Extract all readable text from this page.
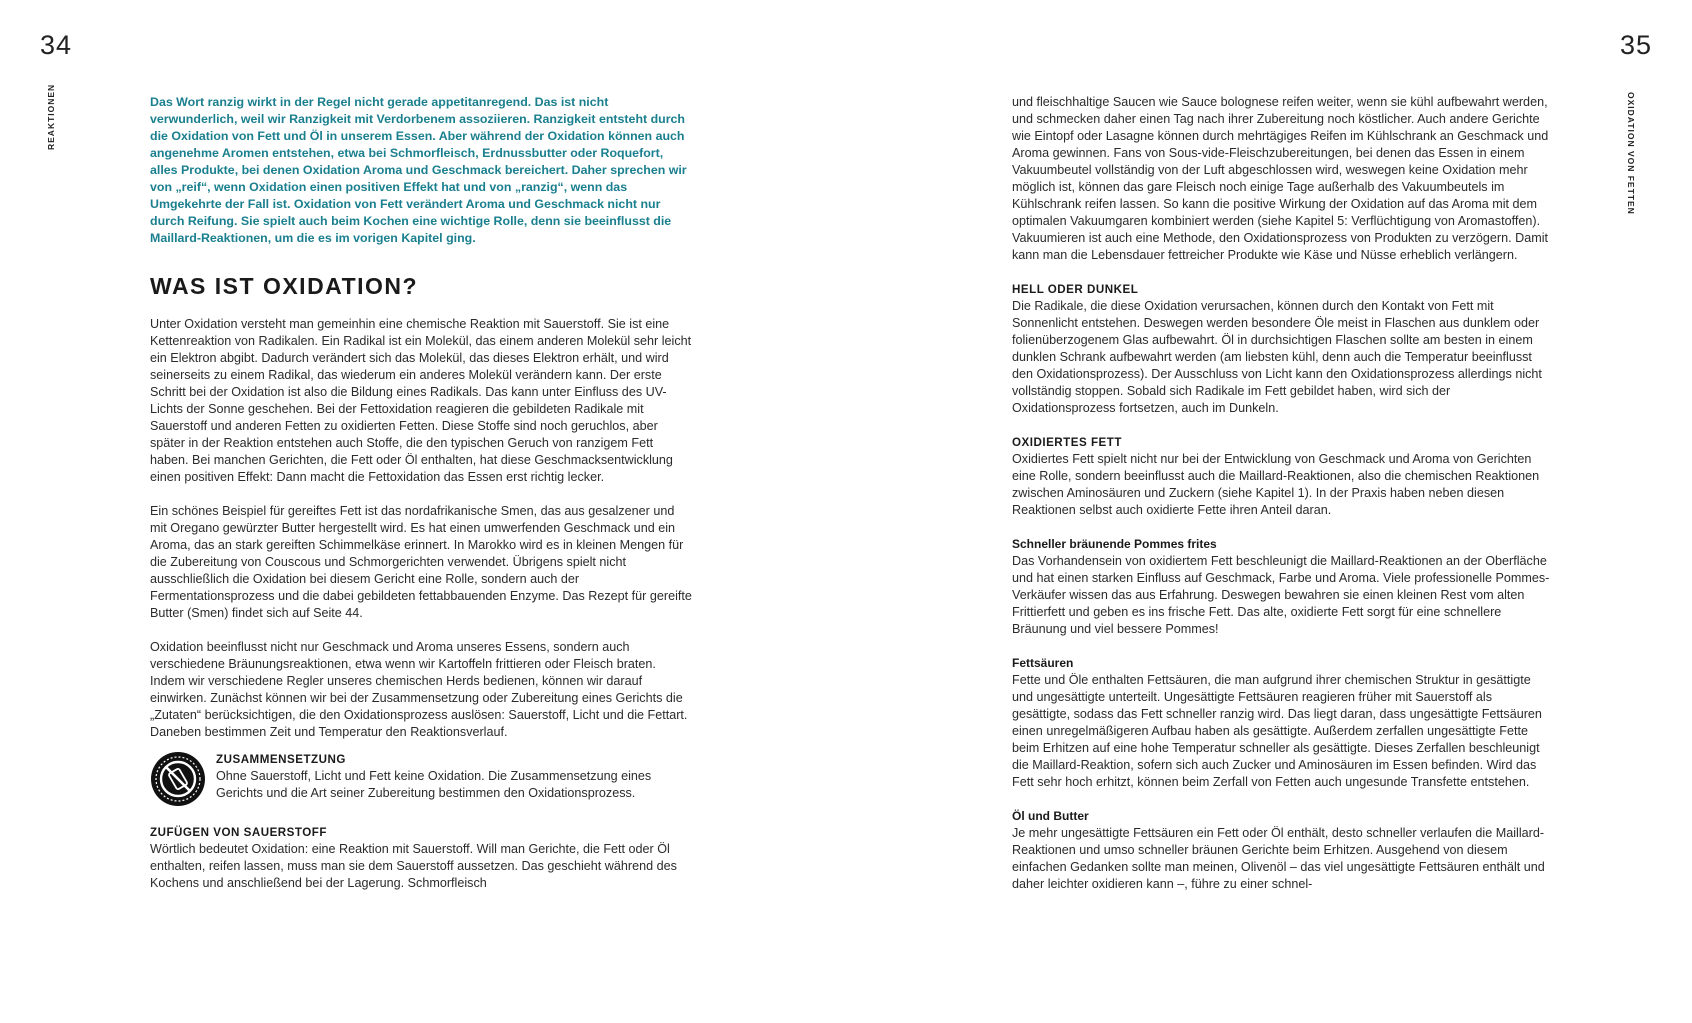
34	35
REAKTIONEN	OXIDATION VON FETTEN

Das Wort ranzig wirkt in der Regel nicht gerade appetitanregend. Das ist nicht verwunderlich, weil wir Ranzigkeit mit Verdorbenem assoziieren. Ranzigkeit entsteht durch die Oxidation von Fett und Öl in unserem Essen. Aber während der Oxidation können auch angenehme Aromen entstehen, etwa bei Schmorfleisch, Erdnussbutter oder Roquefort, alles Produkte, bei denen Oxidation Aroma und Geschmack bereichert. Daher sprechen wir von „reif“, wenn Oxidation einen positiven Effekt hat und von „ranzig“, wenn das Umgekehrte der Fall ist. Oxidation von Fett verändert Aroma und Geschmack nicht nur durch Reifung. Sie spielt auch beim Kochen eine wichtige Rolle, denn sie beeinflusst die Maillard-Reaktionen, um die es im vorigen Kapitel ging.

WAS IST OXIDATION?

Unter Oxidation versteht man gemeinhin eine chemische Reaktion mit Sauerstoff. Sie ist eine Kettenreaktion von Radikalen. Ein Radikal ist ein Molekül, das einem anderen Molekül sehr leicht ein Elektron abgibt. Dadurch verändert sich das Molekül, das dieses Elektron erhält, und wird seinerseits zu einem Radikal, das wiederum ein anderes Molekül verändern kann. Der erste Schritt bei der Oxidation ist also die Bildung eines Radikals. Das kann unter Einfluss des UV-Lichts der Sonne geschehen. Bei der Fettoxidation reagieren die gebildeten Radikale mit Sauerstoff und anderen Fetten zu oxidierten Fetten. Diese Stoffe sind noch geruchlos, aber später in der Reaktion entstehen auch Stoffe, die den typischen Geruch von ranzigem Fett haben. Bei manchen Gerichten, die Fett oder Öl enthalten, hat diese Geschmacksentwicklung einen positiven Effekt: Dann macht die Fettoxidation das Essen erst richtig lecker.

Ein schönes Beispiel für gereiftes Fett ist das nordafrikanische Smen, das aus gesalzener und mit Oregano gewürzter Butter hergestellt wird. Es hat einen umwerfenden Geschmack und ein Aroma, das an stark gereiften Schimmelkäse erinnert. In Marokko wird es in kleinen Mengen für die Zubereitung von Couscous und Schmorgerichten verwendet. Übrigens spielt nicht ausschließlich die Oxidation bei diesem Gericht eine Rolle, sondern auch der Fermentationsprozess und die dabei gebildeten fettabbauenden Enzyme. Das Rezept für gereifte Butter (Smen) findet sich auf Seite 44.

Oxidation beeinflusst nicht nur Geschmack und Aroma unseres Essens, sondern auch verschiedene Bräunungsreaktionen, etwa wenn wir Kartoffeln frittieren oder Fleisch braten. Indem wir verschiedene Regler unseres chemischen Herds bedienen, können wir darauf einwirken. Zunächst können wir bei der Zusammensetzung oder Zubereitung eines Gerichts die „Zutaten“ berücksichtigen, die den Oxidationsprozess auslösen: Sauerstoff, Licht und die Fettart. Daneben bestimmen Zeit und Temperatur den Reaktionsverlauf.

ZUSAMMENSETZUNG

Ohne Sauerstoff, Licht und Fett keine Oxidation. Die Zusammensetzung eines Gerichts und die Art seiner Zubereitung bestimmen den Oxidationsprozess.

ZUFÜGEN VON SAUERSTOFF

Wörtlich bedeutet Oxidation: eine Reaktion mit Sauerstoff. Will man Gerichte, die Fett oder Öl enthalten, reifen lassen, muss man sie dem Sauerstoff aussetzen. Das geschieht während des Kochens und anschließend bei der Lagerung. Schmorfleisch

und fleischhaltige Saucen wie Sauce bolognese reifen weiter, wenn sie kühl aufbewahrt werden, und schmecken daher einen Tag nach ihrer Zubereitung noch köstlicher. Auch andere Gerichte wie Eintopf oder Lasagne können durch mehrtägiges Reifen im Kühlschrank an Geschmack und Aroma gewinnen. Fans von Sous-vide-Fleischzubereitungen, bei denen das Essen in einem Vakuumbeutel vollständig von der Luft abgeschlossen wird, weswegen keine Oxidation mehr möglich ist, können das gare Fleisch noch einige Tage außerhalb des Vakuumbeutels im Kühlschrank reifen lassen. So kann die positive Wirkung der Oxidation auf das Aroma mit dem optimalen Vakuumgaren kombiniert werden (siehe Kapitel 5: Verflüchtigung von Aromastoffen). Vakuumieren ist auch eine Methode, den Oxidationsprozess von Produkten zu verzögern. Damit kann man die Lebensdauer fettreicher Produkte wie Käse und Nüsse erheblich verlängern.

HELL ODER DUNKEL

Die Radikale, die diese Oxidation verursachen, können durch den Kontakt von Fett mit Sonnenlicht entstehen. Deswegen werden besondere Öle meist in Flaschen aus dunklem oder folienüberzogenem Glas aufbewahrt. Öl in durchsichtigen Flaschen sollte am besten in einem dunklen Schrank aufbewahrt werden (am liebsten kühl, denn auch die Temperatur beeinflusst den Oxidationsprozess). Der Ausschluss von Licht kann den Oxidationsprozess allerdings nicht vollständig stoppen. Sobald sich Radikale im Fett gebildet haben, wird sich der Oxidationsprozess fortsetzen, auch im Dunkeln.

OXIDIERTES FETT

Oxidiertes Fett spielt nicht nur bei der Entwicklung von Geschmack und Aroma von Gerichten eine Rolle, sondern beeinflusst auch die Maillard-Reaktionen, also die chemischen Reaktionen zwischen Aminosäuren und Zuckern (siehe Kapitel 1). In der Praxis haben neben diesen Reaktionen selbst auch oxidierte Fette ihren Anteil daran.

Schneller bräunende Pommes frites

Das Vorhandensein von oxidiertem Fett beschleunigt die Maillard-Reaktionen an der Oberfläche und hat einen starken Einfluss auf Geschmack, Farbe und Aroma. Viele professionelle Pommes-Verkäufer wissen das aus Erfahrung. Deswegen bewahren sie einen kleinen Rest vom alten Frittierfett und geben es ins frische Fett. Das alte, oxidierte Fett sorgt für eine schnellere Bräunung und viel bessere Pommes!

Fettsäuren

Fette und Öle enthalten Fettsäuren, die man aufgrund ihrer chemischen Struktur in gesättigte und ungesättigte unterteilt. Ungesättigte Fettsäuren reagieren früher mit Sauerstoff als gesättigte, sodass das Fett schneller ranzig wird. Das liegt daran, dass ungesättigte Fettsäuren einen unregelmäßigeren Aufbau haben als gesättigte. Außerdem zerfallen ungesättigte Fette beim Erhitzen auf eine hohe Temperatur schneller als gesättigte. Dieses Zerfallen beschleunigt die Maillard-Reaktion, sofern sich auch Zucker und Aminosäuren im Essen befinden. Wird das Fett sehr hoch erhitzt, können beim Zerfall von Fetten auch ungesunde Transfette entstehen.

Öl und Butter

Je mehr ungesättigte Fettsäuren ein Fett oder Öl enthält, desto schneller verlaufen die Maillard-Reaktionen und umso schneller bräunen Gerichte beim Erhitzen. Ausgehend von diesem einfachen Gedanken sollte man meinen, Olivenöl – das viel ungesättigte Fettsäuren enthält und daher leichter oxidieren kann –, führe zu einer schnel-
